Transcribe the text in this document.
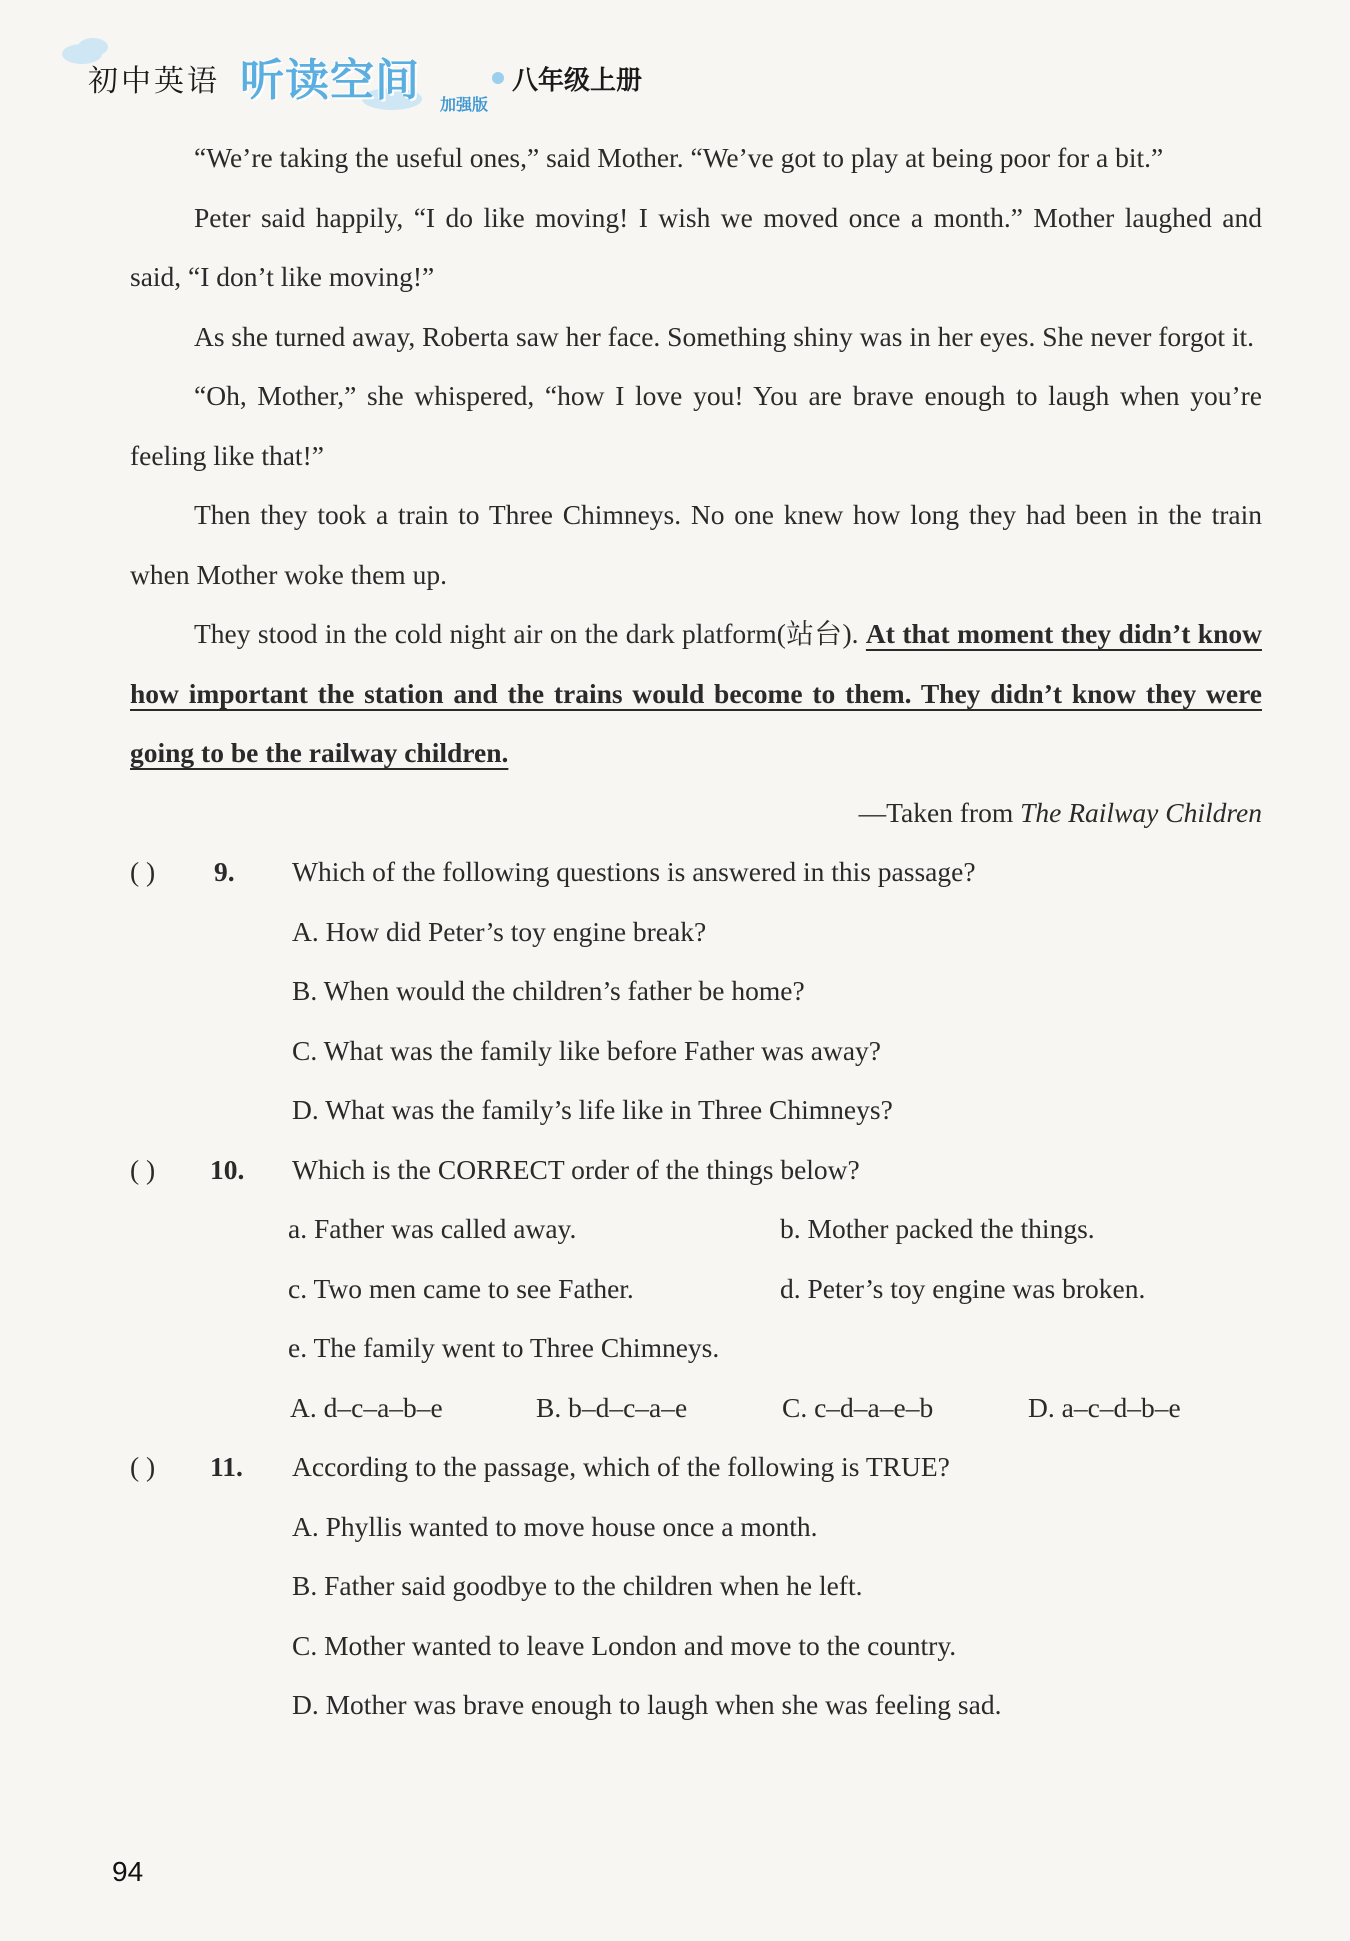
初中英语 听读空间 加强版
八年级上册

“We’re taking the useful ones,” said Mother. “We’ve got to play at being poor for a bit.”

Peter said happily, “I do like moving! I wish we moved once a month.” Mother laughed and said, “I don’t like moving!”

As she turned away, Roberta saw her face. Something shiny was in her eyes. She never forgot it.

“Oh, Mother,” she whispered, “how I love you! You are brave enough to laugh when you’re feeling like that!”

Then they took a train to Three Chimneys. No one knew how long they had been in the train when Mother woke them up.

They stood in the cold night air on the dark platform(站台). At that moment they didn’t know how important the station and the trains would become to them. They didn’t know they were going to be the railway children.

—Taken from The Railway Children

( ) 9. Which of the following questions is answered in this passage?
A. How did Peter’s toy engine break?
B. When would the children’s father be home?
C. What was the family like before Father was away?
D. What was the family’s life like in Three Chimneys?
( ) 10. Which is the CORRECT order of the things below?
a. Father was called away.	b. Mother packed the things.
c. Two men came to see Father.	d. Peter’s toy engine was broken.
e. The family went to Three Chimneys.
A. d–c–a–b–e	B. b–d–c–a–e	C. c–d–a–e–b	D. a–c–d–b–e
( ) 11. According to the passage, which of the following is TRUE?
A. Phyllis wanted to move house once a month.
B. Father said goodbye to the children when he left.
C. Mother wanted to leave London and move to the country.
D. Mother was brave enough to laugh when she was feeling sad.
94
